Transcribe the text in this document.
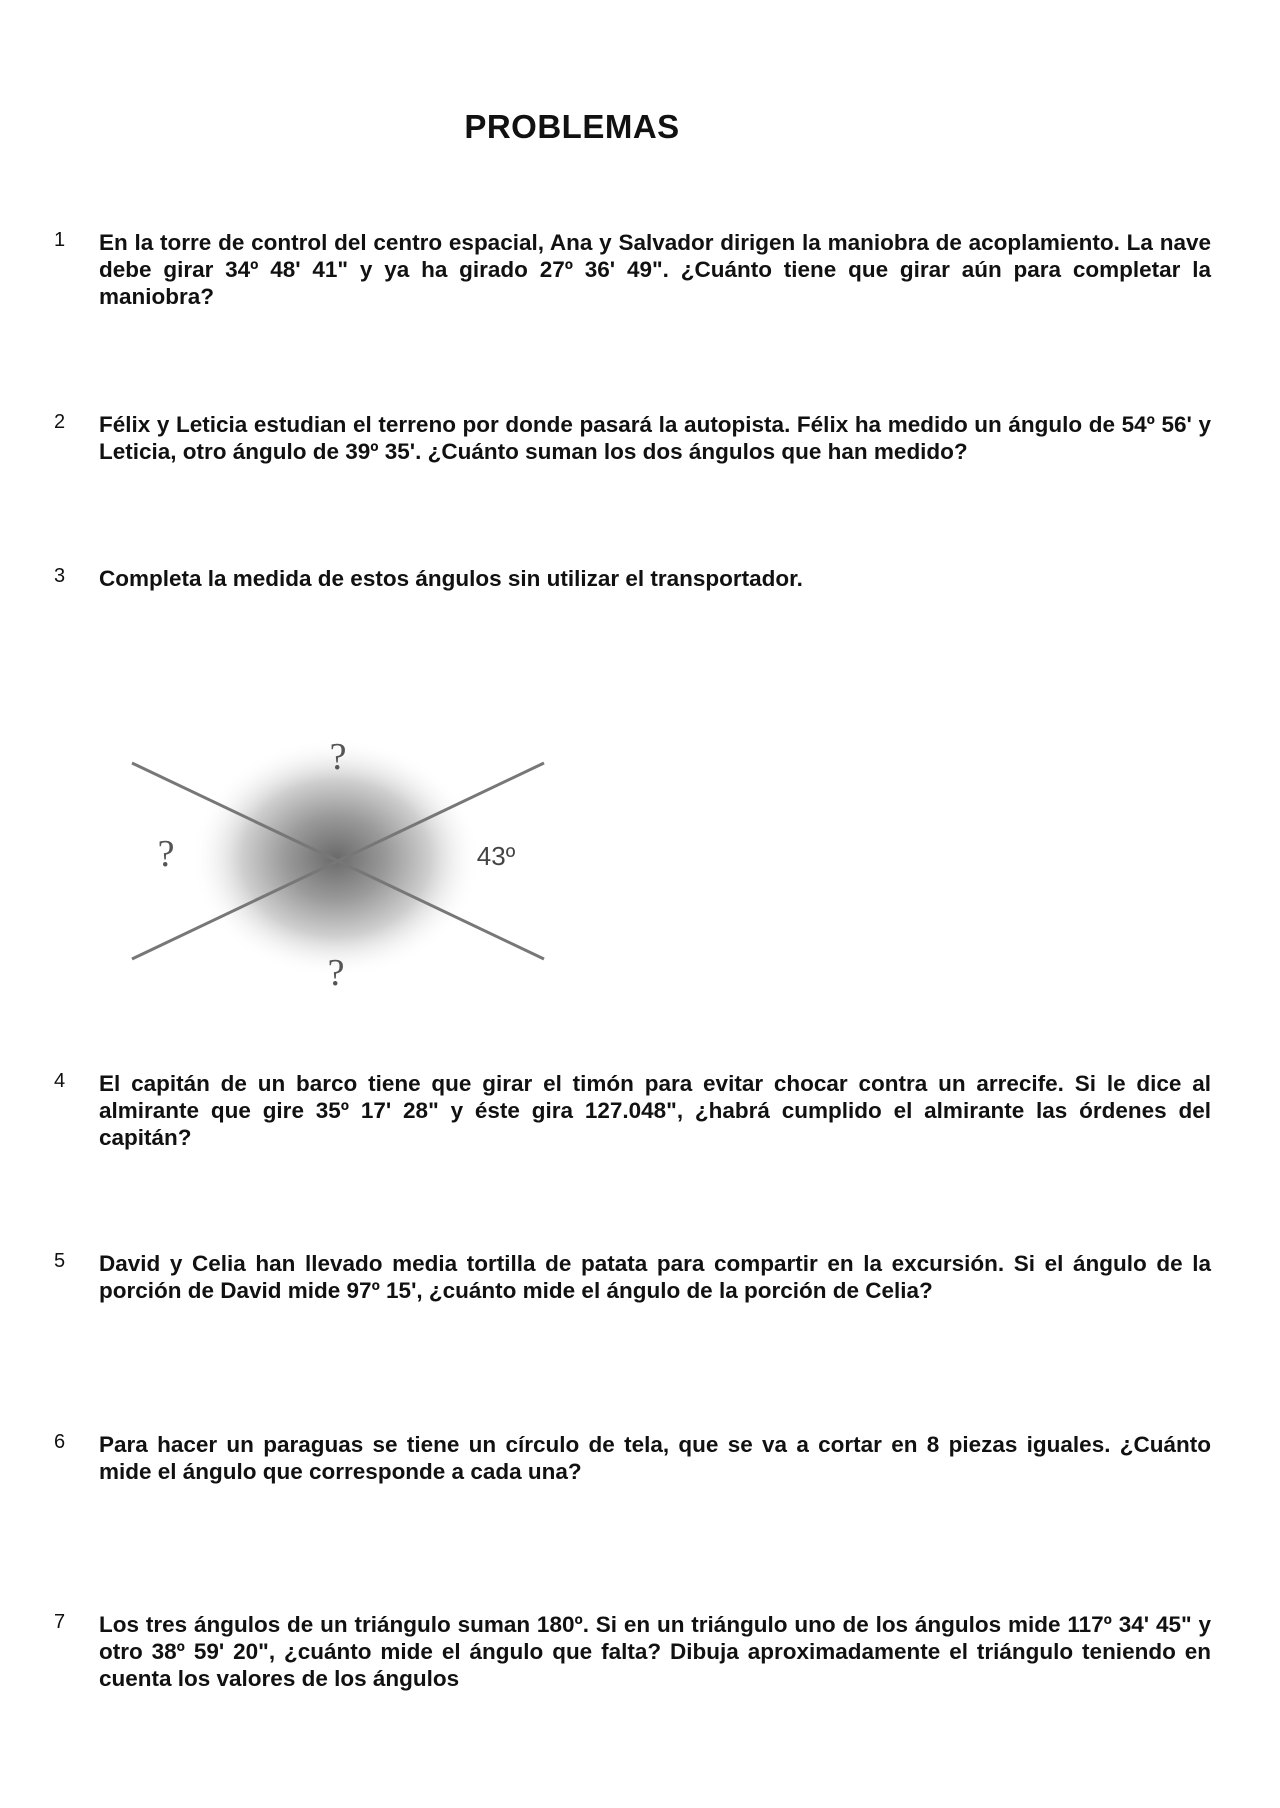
PROBLEMAS
1 En la torre de control del centro espacial, Ana y Salvador dirigen la maniobra de acoplamiento. La nave debe girar 34º 48' 41" y ya ha girado 27º 36' 49". ¿Cuánto tiene que girar aún para completar la maniobra?
2 Félix y Leticia estudian el terreno por donde pasará la autopista. Félix ha medido un ángulo de 54º 56' y Leticia, otro ángulo de 39º 35'. ¿Cuánto suman los dos ángulos que han medido?
3 Completa la medida de estos ángulos sin utilizar el transportador.
?
?	43º
?
4 El capitán de un barco tiene que girar el timón para evitar chocar contra un arrecife. Si le dice al almirante que gire 35º 17' 28" y éste gira 127.048", ¿habrá cumplido el almirante las órdenes del capitán?
5 David y Celia han llevado media tortilla de patata para compartir en la excursión. Si el ángulo de la porción de David mide 97º 15', ¿cuánto mide el ángulo de la porción de Celia?
6 Para hacer un paraguas se tiene un círculo de tela, que se va a cortar en 8 piezas iguales. ¿Cuánto mide el ángulo que corresponde a cada una?
7 Los tres ángulos de un triángulo suman 180º. Si en un triángulo uno de los ángulos mide 117º 34' 45" y otro 38º 59' 20", ¿cuánto mide el ángulo que falta? Dibuja aproximadamente el triángulo teniendo en cuenta los valores de los ángulos
